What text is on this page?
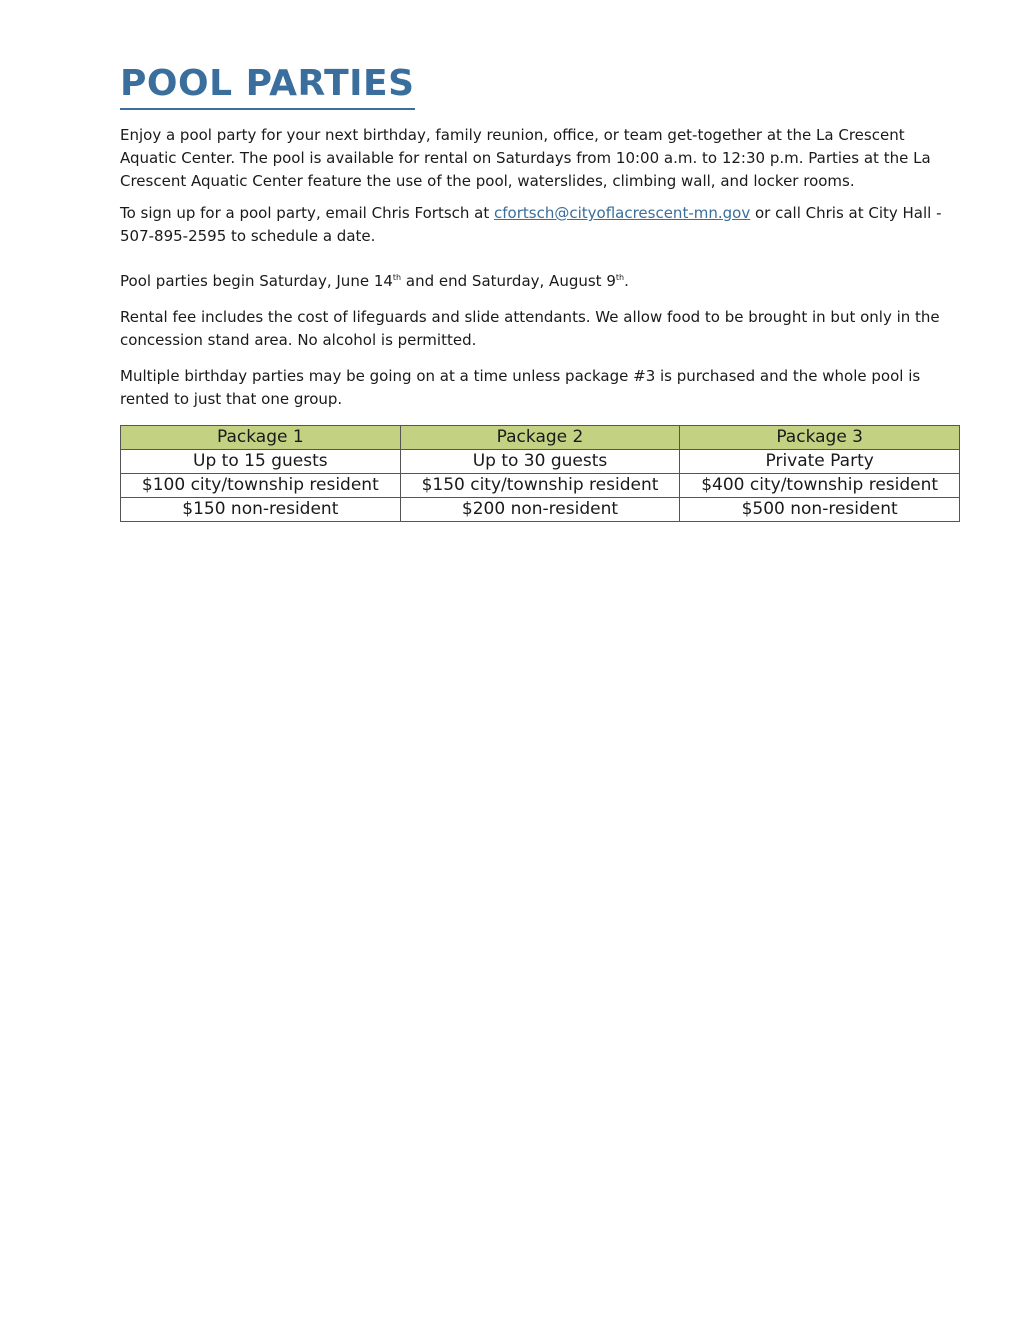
POOL PARTIES

Enjoy a pool party for your next birthday, family reunion, office, or team get-together at the La Crescent Aquatic Center. The pool is available for rental on Saturdays from 10:00 a.m. to 12:30 p.m. Parties at the La Crescent Aquatic Center feature the use of the pool, waterslides, climbing wall, and locker rooms.

To sign up for a pool party, email Chris Fortsch at cfortsch@cityoflacrescent-mn.gov or call Chris at City Hall - 507-895-2595 to schedule a date.

Pool parties begin Saturday, June 14th and end Saturday, August 9th.

Rental fee includes the cost of lifeguards and slide attendants. We allow food to be brought in but only in the concession stand area. No alcohol is permitted.

Multiple birthday parties may be going on at a time unless package #3 is purchased and the whole pool is rented to just that one group.

Package 1	Package 2	Package 3
Up to 15 guests	Up to 30 guests	Private Party
$100 city/township resident	$150 city/township resident	$400 city/township resident
$150 non-resident	$200 non-resident	$500 non-resident
